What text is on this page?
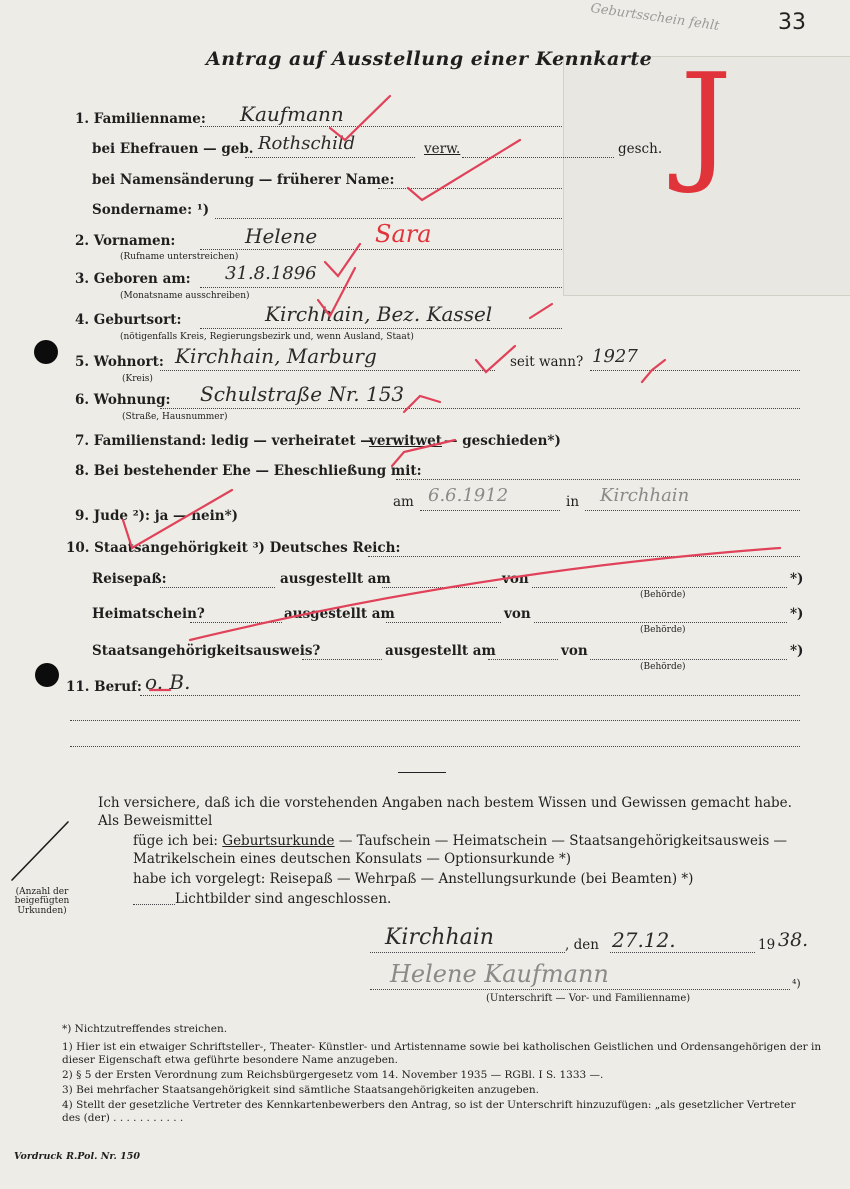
33
Geburtsschein fehlt
J
Antrag auf Ausstellung einer Kennkarte
1. Familienname: Kaufmann
bei Ehefrauen — geb. Rothschild	verw.	gesch.
bei Namensänderung — früherer Name:
Sondername: ¹)
2. Vornamen:	Helene Sara
(Rufname unterstreichen)
3. Geboren am: 31.8.1896
(Monatsname ausschreiben)
4. Geburtsort:	Kirchhain, Bez. Kassel
(nötigenfalls Kreis, Regierungsbezirk und, wenn Ausland, Staat)
5. Wohnort: Kirchhain, Marburg
(Kreis)
seit wann? 1927
6. Wohnung: Schulstraße Nr. 153
(Straße, Hausnummer)
7. Familienstand: ledig — verheiratet —
verwitwet — geschieden*)
8. Bei bestehender Ehe — Eheschließung mit:
am 6.6.1912	in Kirchhain
9. Jude ²): ja — nein*)
10. Staatsangehörigkeit ³) Deutsches Reich:
Reisepaß:	ausgestellt am	von	*)
(Behörde)
Heimatschein?	ausgestellt am	von	*)
(Behörde)
Staatsangehörigkeitsausweis?	ausgestellt am	von	*)
(Behörde)
11. Beruf: o. B.
Ich versichere, daß ich die vorstehenden Angaben nach bestem Wissen und Gewissen gemacht habe.
Als Beweismittel
füge ich bei: Geburtsurkunde — Taufschein — Heimatschein — Staatsangehörigkeitsausweis —
Matrikelschein eines deutschen Konsulats — Optionsurkunde *)
habe ich vorgelegt: Reisepaß — Wehrpaß — Anstellungsurkunde (bei Beamten) *)
Lichtbilder sind angeschlossen.
(Anzahl der beigefügten Urkunden)
Kirchhain	, den 27.12.	19 38.
Helene Kaufmann	⁴)
(Unterschrift — Vor- und Familienname)
*) Nichtzutreffendes streichen.
1) Hier ist ein etwaiger Schriftsteller-, Theater- Künstler- und Artistenname sowie bei katholischen Geistlichen und Ordensangehörigen der in
dieser Eigenschaft etwa geführte besondere Name anzugeben.
2) § 5 der Ersten Verordnung zum Reichsbürgergesetz vom 14. November 1935 — RGBl. I S. 1333 —.
3) Bei mehrfacher Staatsangehörigkeit sind sämtliche Staatsangehörigkeiten anzugeben.
4) Stellt der gesetzliche Vertreter des Kennkartenbewerbers den Antrag, so ist der Unterschrift hinzuzufügen: „als gesetzlicher Vertreter
des (der) . . . . . . . . . . .
Vordruck R.Pol. Nr. 150
